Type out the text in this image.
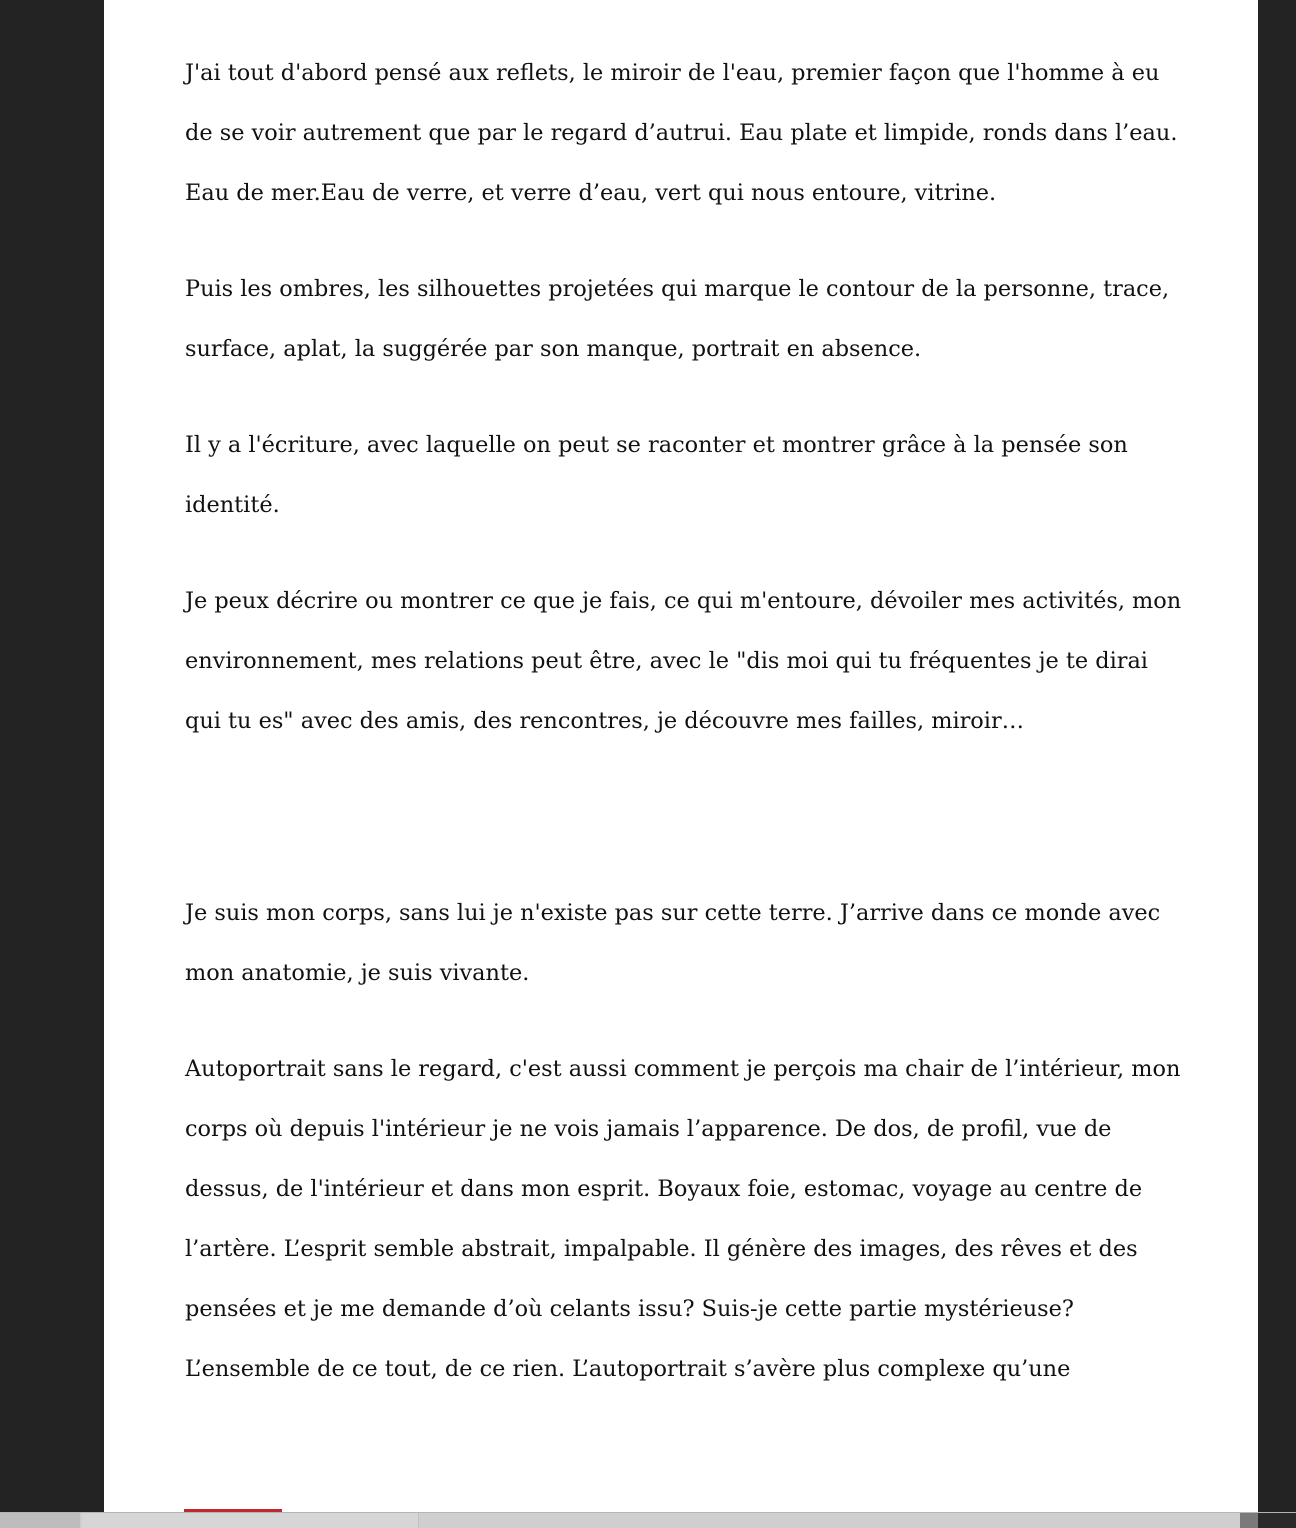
J'ai tout d'abord pensé aux reflets, le miroir de l'eau, premier façon que l'homme à eu de se voir autrement que par le regard d’autrui. Eau plate et limpide, ronds dans l’eau. Eau de mer.Eau de verre, et verre d’eau, vert qui nous entoure, vitrine.

Puis les ombres, les silhouettes projetées qui marque le contour de la personne, trace, surface, aplat, la suggérée par son manque, portrait en absence.

Il y a l'écriture, avec laquelle on peut se raconter et montrer grâce à la pensée son identité.

Je peux décrire ou montrer ce que je fais, ce qui m'entoure, dévoiler mes activités, mon environnement, mes relations peut être, avec le "dis moi qui tu fréquentes je te dirai qui tu es" avec des amis, des rencontres, je découvre mes failles, miroir…

Je suis mon corps, sans lui je n'existe pas sur cette terre. J’arrive dans ce monde avec mon anatomie, je suis vivante.

Autoportrait sans le regard, c'est aussi comment je perçois ma chair de l’intérieur, mon corps où depuis l'intérieur je ne vois jamais l’apparence. De dos, de profil, vue de dessus, de l'intérieur et dans mon esprit. Boyaux foie, estomac, voyage au centre de l’artère. L’esprit semble abstrait, impalpable. Il génère des images, des rêves et des pensées et je me demande d’où celants issu? Suis-je cette partie mystérieuse? L’ensemble de ce tout, de ce rien. L’autoportrait s’avère plus complexe qu’une
